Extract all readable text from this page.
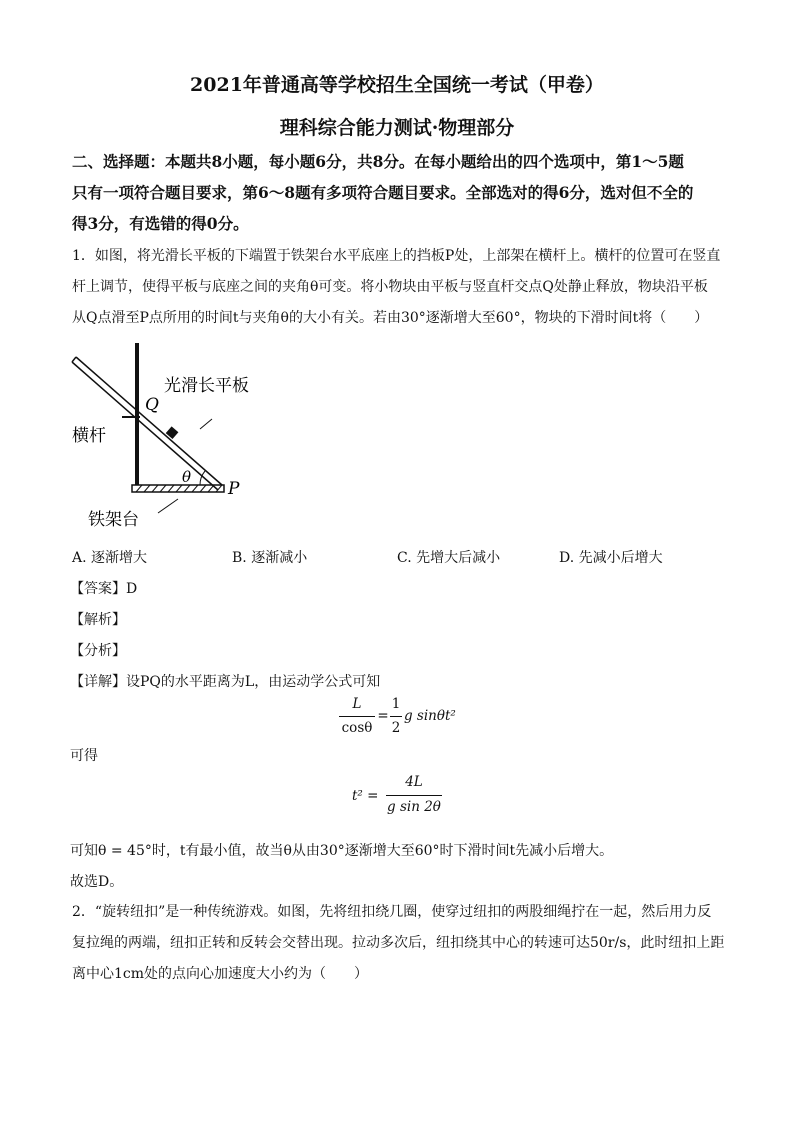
2021年普通高等学校招生全国统一考试（甲卷）
理科综合能力测试·物理部分
二、选择题：本题共8小题，每小题6分，共8分。在每小题给出的四个选项中，第1～5题
只有一项符合题目要求，第6～8题有多项符合题目要求。全部选对的得6分，选对但不全的
得3分，有选错的得0分。
1．如图，将光滑长平板的下端置于铁架台水平底座上的挡板P处，上部架在横杆上。横杆的位置可在竖直
杆上调节，使得平板与底座之间的夹角θ可变。将小物块由平板与竖直杆交点Q处静止释放，物块沿平板
从Q点滑至P点所用的时间t与夹角θ的大小有关。若由30°逐渐增大至60°，物块的下滑时间t将（　　）
Q
P
θ
光滑长平板
横杆
铁架台
A. 逐渐增大	B. 逐渐减小	C. 先增大后减小	D. 先减小后增大
【答案】D
【解析】
【分析】
【详解】设PQ的水平距离为L，由运动学公式可知
L
cosθ
=
1
2
g sinθt²
可得
t² =
4L
g sin 2θ
可知θ = 45°时，t有最小值，故当θ从由30°逐渐增大至60°时下滑时间t先减小后增大。
故选D。
2．“旋转纽扣”是一种传统游戏。如图，先将纽扣绕几圈，使穿过纽扣的两股细绳拧在一起，然后用力反
复拉绳的两端，纽扣正转和反转会交替出现。拉动多次后，纽扣绕其中心的转速可达50r/s，此时纽扣上距
离中心1cm处的点向心加速度大小约为（　　）
